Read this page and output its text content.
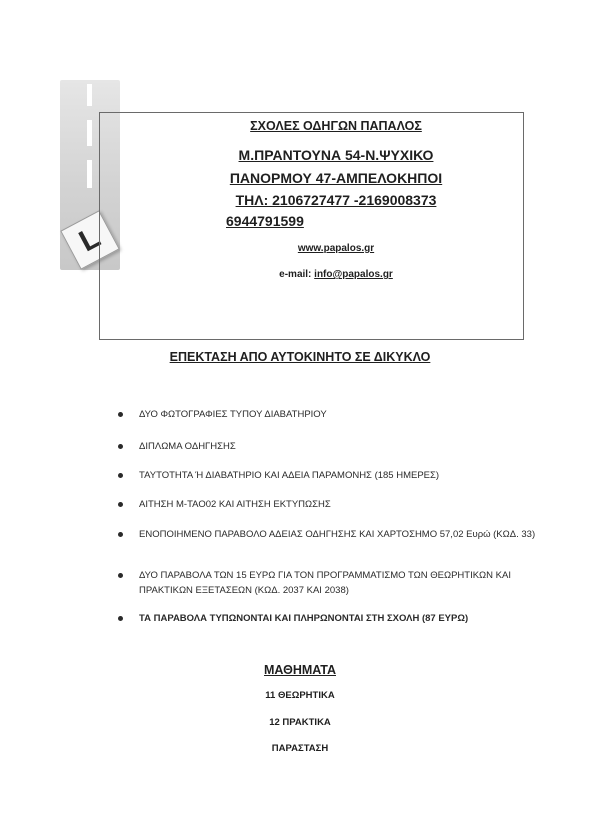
L
ΣΧΟΛΕΣ ΟΔΗΓΩΝ ΠΑΠΑΛΟΣ
Μ.ΠΡΑΝΤΟΥΝΑ 54-Ν.ΨΥΧΙΚΟ
ΠΑΝΟΡΜΟΥ 47-ΑΜΠΕΛΟΚΗΠΟΙ
ΤΗΛ: 2106727477 -2169008373
6944791599
www.papalos.gr
e-mail: info@papalos.gr
ΕΠΕΚΤΑΣΗ ΑΠΟ ΑΥΤΟΚΙΝΗΤΟ ΣΕ ΔΙΚΥΚΛΟ
ΔΥΟ ΦΩΤΟΓΡΑΦΙΕΣ ΤΥΠΟΥ ΔΙΑΒΑΤΗΡΙΟΥ
ΔΙΠΛΩΜΑ ΟΔΗΓΗΣΗΣ
ΤΑΥΤΟΤΗΤΑ Ή ΔΙΑΒΑΤΗΡΙΟ ΚΑΙ ΑΔΕΙΑ ΠΑΡΑΜΟΝΗΣ (185 ΗΜΕΡΕΣ)
ΑΙΤΗΣΗ Μ-ΤΑΟ02 ΚΑΙ ΑΙΤΗΣΗ ΕΚΤΥΠΩΣΗΣ
ΕΝΟΠΟΙΗΜΕΝΟ ΠΑΡΑΒΟΛΟ ΑΔΕΙΑΣ ΟΔΗΓΗΣΗΣ ΚΑΙ ΧΑΡΤΟΣΗΜΟ 57,02 Ευρώ (ΚΩΔ. 33)
ΔΥΟ ΠΑΡΑΒΟΛΑ ΤΩΝ 15 ΕΥΡΩ ΓΙΑ ΤΟΝ ΠΡΟΓΡΑΜΜΑΤΙΣΜΟ ΤΩΝ ΘΕΩΡΗΤΙΚΩΝ ΚΑΙ ΠΡΑΚΤΙΚΩΝ ΕΞΕΤΑΣΕΩΝ (ΚΩΔ. 2037 ΚΑΙ 2038)
ΤΑ ΠΑΡΑΒΟΛΑ ΤΥΠΩΝΟΝΤΑΙ ΚΑΙ ΠΛΗΡΩΝΟΝΤΑΙ ΣΤΗ ΣΧΟΛΗ (87 ΕΥΡΩ)
ΜΑΘΗΜΑΤΑ
11 ΘΕΩΡΗΤΙΚΑ
12 ΠΡΑΚΤΙΚΑ
ΠΑΡΑΣΤΑΣΗ
